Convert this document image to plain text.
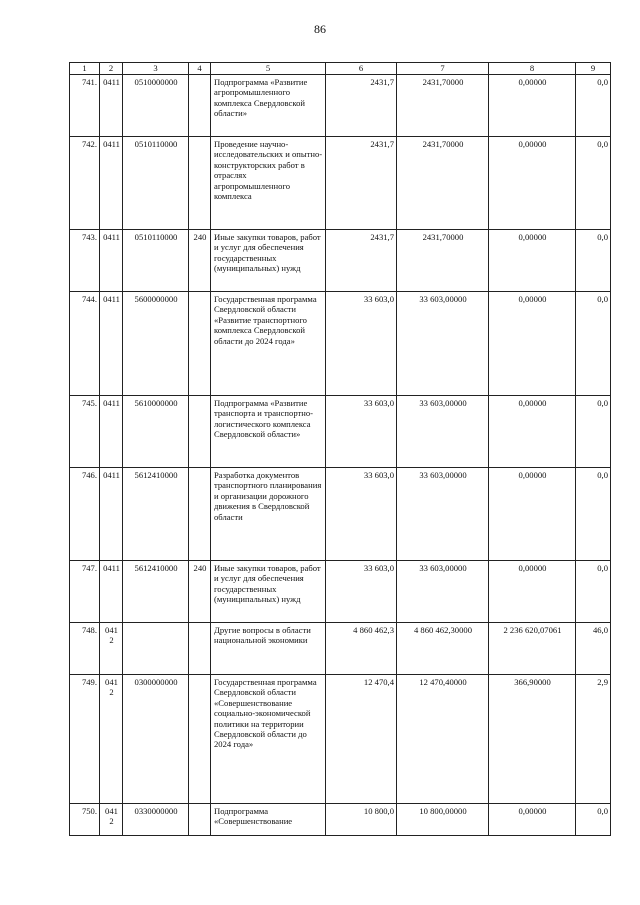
86
1	2	3	4	5	6	7	8	9
741.	0411	0510000000		Подпрограмма «Развитие агропромышленного комплекса Свердловской области»	2431,7	2431,70000	0,00000	0,0
742.	0411	0510110000		Проведение научно-исследовательских и опытно-конструкторских работ в отраслях агропромышленного комплекса	2431,7	2431,70000	0,00000	0,0
743.	0411	0510110000	240	Иные закупки товаров, работ и услуг для обеспечения государственных (муниципальных) нужд	2431,7	2431,70000	0,00000	0,0
744.	0411	5600000000		Государственная программа Свердловской области «Развитие транспортного комплекса Свердловской области до 2024 года»	33 603,0	33 603,00000	0,00000	0,0
745.	0411	5610000000		Подпрограмма «Развитие транспорта и транспортно-логистического комплекса Свердловской области»	33 603,0	33 603,00000	0,00000	0,0
746.	0411	5612410000		Разработка документов транспортного планирования и организации дорожного движения в Свердловской области	33 603,0	33 603,00000	0,00000	0,0
747.	0411	5612410000	240	Иные закупки товаров, работ и услуг для обеспечения государственных (муниципальных) нужд	33 603,0	33 603,00000	0,00000	0,0
748.	0412			Другие вопросы в области национальной экономики	4 860 462,3	4 860 462,30000	2 236 620,07061	46,0
749.	0412	0300000000		Государственная программа Свердловской области «Совершенствование социально-экономической политики на территории Свердловской области до 2024 года»	12 470,4	12 470,40000	366,90000	2,9
750.	0412	0330000000		Подпрограмма «Совершенствование	10 800,0	10 800,00000	0,00000	0,0
